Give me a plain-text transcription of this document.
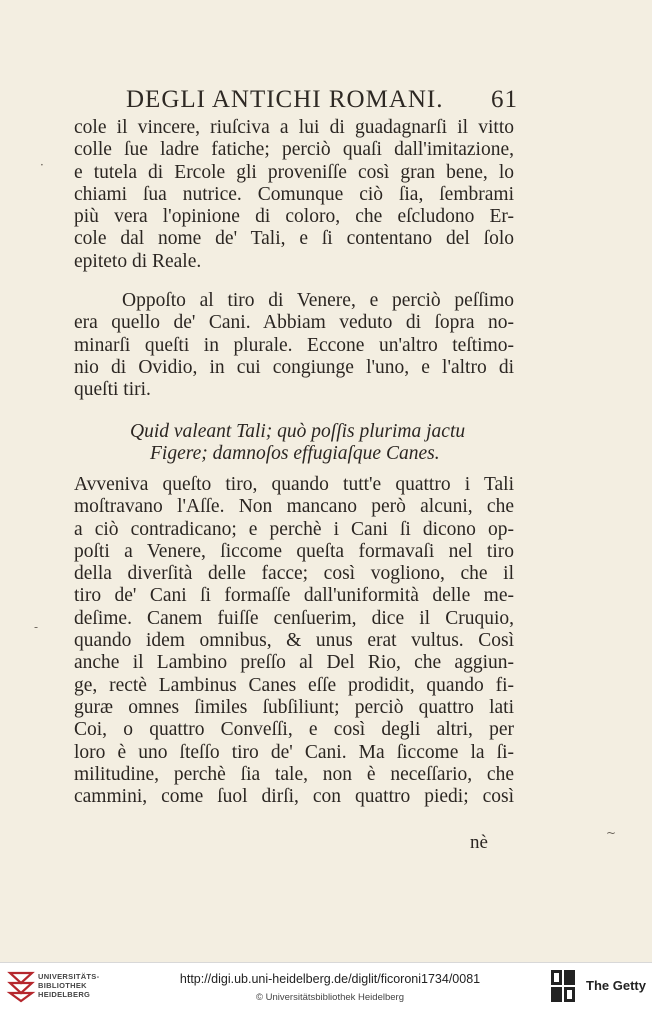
DEGLI ANTICHI ROMANI. 61
cole il vincere, riuſciva a lui di guadagnarſi il vitto
colle ſue ladre fatiche; perciò quaſi dall'imitazione,
e tutela di Ercole gli proveniſſe così gran bene, lo
chiami ſua nutrice. Comunque ciò ſia, ſembrami
più vera l'opinione di coloro, che eſcludono Er-
cole dal nome de' Tali, e ſi contentano del ſolo
epiteto di Reale.
Oppoſto al tiro di Venere, e perciò peſſimo
era quello de' Cani. Abbiam veduto di ſopra no-
minarſi queſti in plurale. Eccone un'altro teſtimo-
nio di Ovidio, in cui congiunge l'uno, e l'altro di
queſti tiri.
Quid valeant Tali; quò poſſis plurima jactu
Figere; damnoſos effugiaſque Canes.
Avveniva queſto tiro, quando tutt'e quattro i Tali
moſtravano l'Aſſe. Non mancano però alcuni, che
a ciò contradicano; e perchè i Cani ſi dicono op-
poſti a Venere, ſiccome queſta formavaſi nel tiro
della diverſità delle facce; così vogliono, che il
tiro de' Cani ſi formaſſe dall'uniformità delle me-
deſime. Canem fuiſſe cenſuerim, dice il Cruquio,
quando idem omnibus, & unus erat vultus. Così
anche il Lambino preſſo al Del Rio, che aggiun-
ge, rectè Lambinus Canes eſſe prodidit, quando fi-
guræ omnes ſimiles ſubſiliunt; perciò quattro lati
Coi, o quattro Conveſſi, e così degli altri, per
loro è uno ſteſſo tiro de' Cani. Ma ſiccome la ſi-
militudine, perchè ſia tale, non è neceſſario, che
cammini, come ſuol dirſi, con quattro piedi; così
nè
·
-
~
UNIVERSITÄTS-
BIBLIOTHEK
HEIDELBERG
http://digi.ub.uni-heidelberg.de/diglit/ficoroni1734/0081
© Universitätsbibliothek Heidelberg
The Getty
